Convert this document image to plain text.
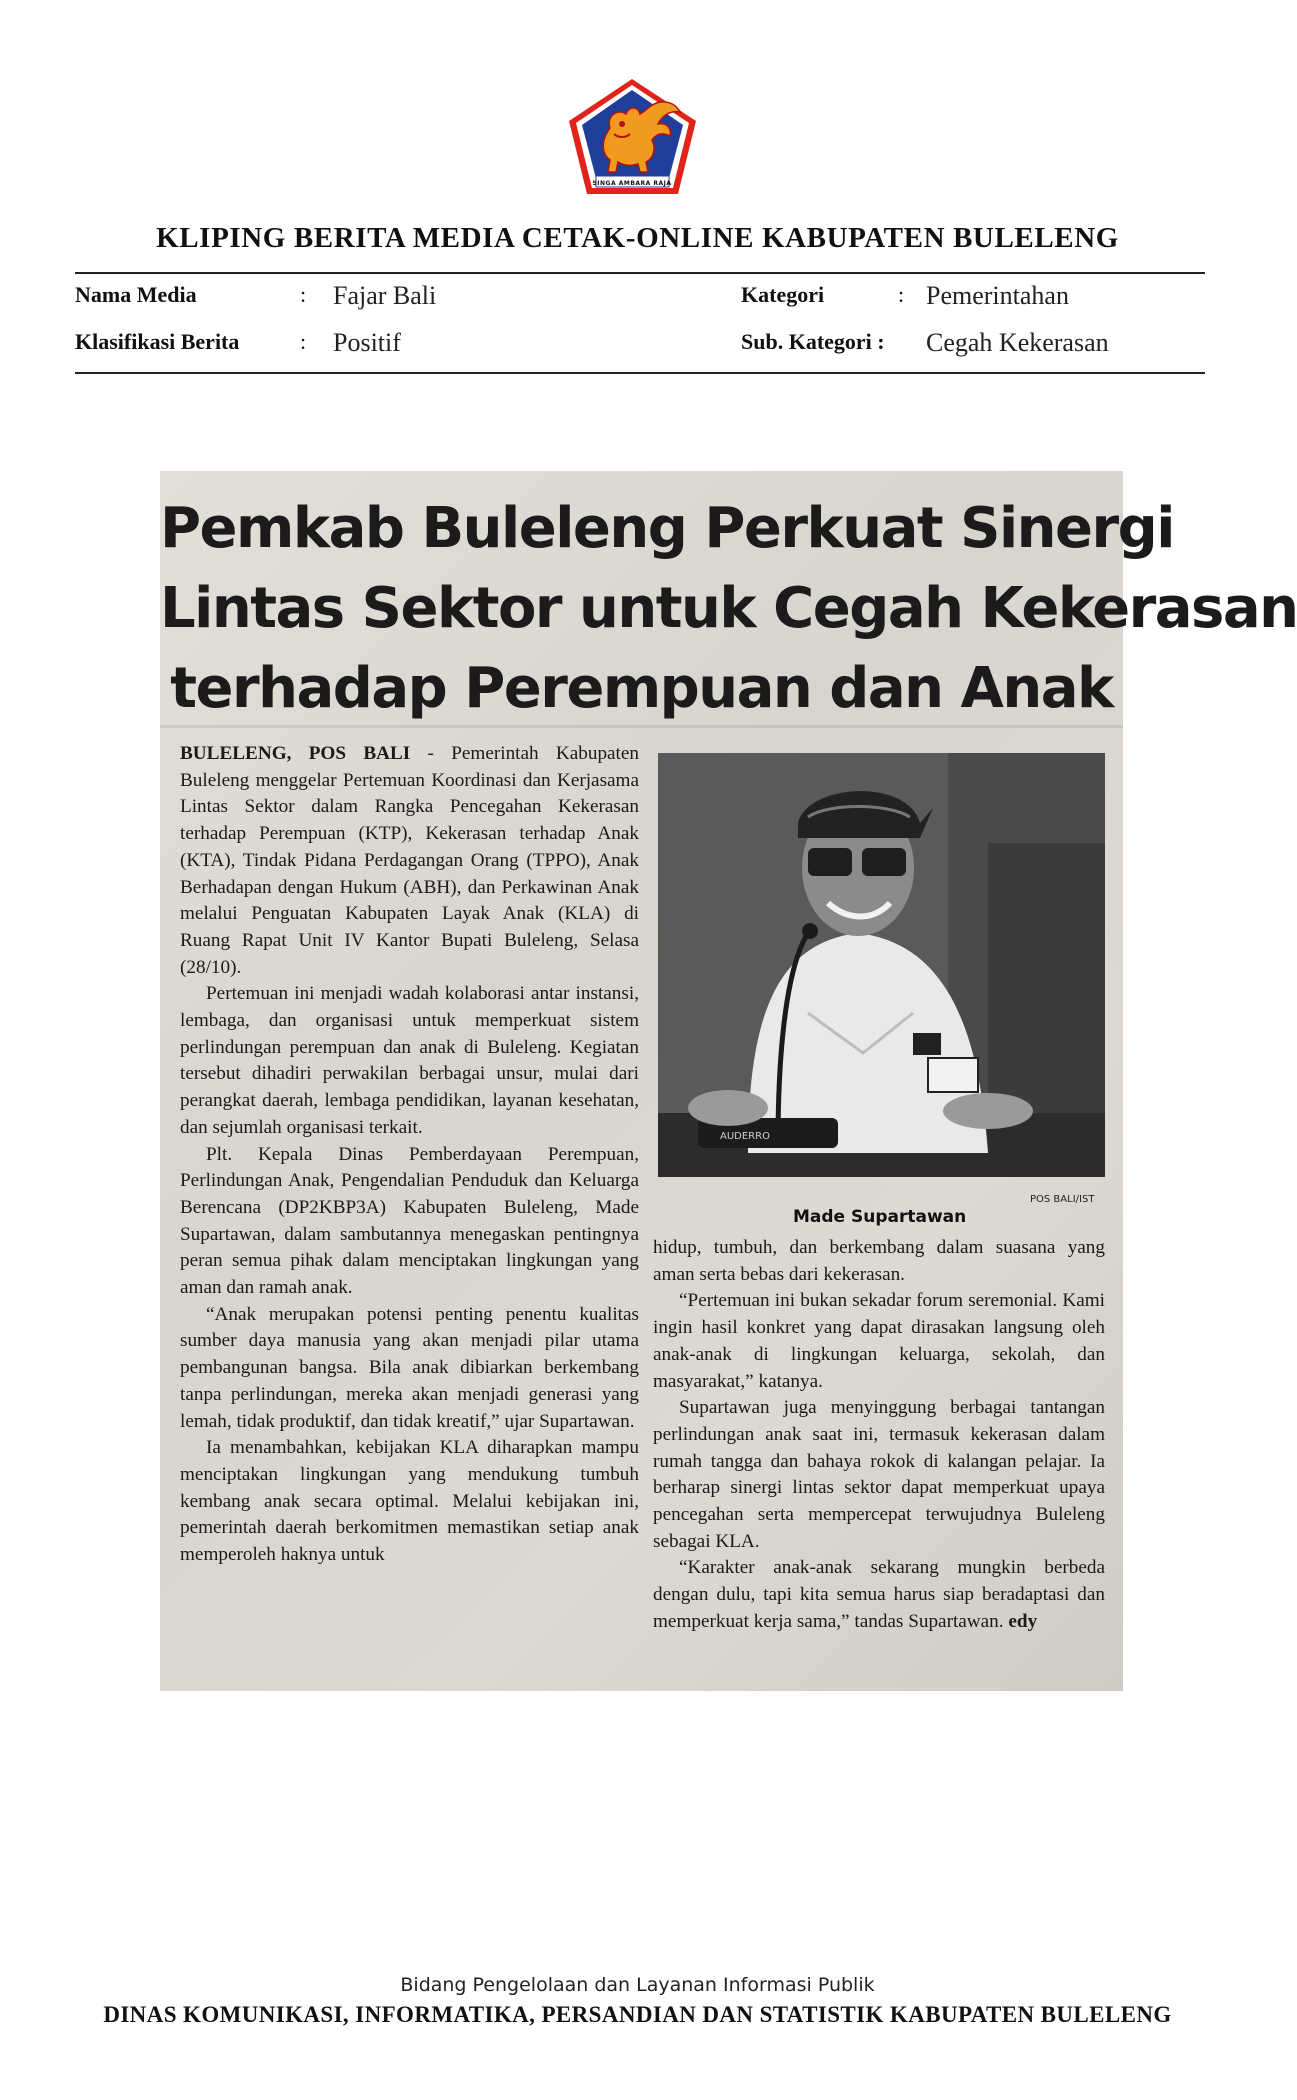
SINGA AMBARA RAJA
KLIPING BERITA MEDIA CETAK-ONLINE KABUPATEN BULELENG
Nama Media	: Fajar Bali	Kategori	: Pemerintahan
Klasifikasi Berita	: Positif	Sub. Kategori : Cegah Kekerasan
Pemkab Buleleng Perkuat Sinergi
Lintas Sektor untuk Cegah Kekerasan
terhadap Perempuan dan Anak

BULELENG, POS BALI - Pemerintah Kabupaten Buleleng menggelar Pertemuan Koordinasi dan Kerjasama Lintas Sektor dalam Rangka Pencegahan Kekerasan terhadap Perempuan (KTP), Kekerasan terhadap Anak (KTA), Tindak Pidana Perdagangan Orang (TPPO), Anak Berhadapan dengan Hukum (ABH), dan Perkawinan Anak melalui Penguatan Kabupaten Layak Anak (KLA) di Ruang Rapat Unit IV Kantor Bupati Buleleng, Selasa (28/10).

Pertemuan ini menjadi wadah kolaborasi antar instansi, lembaga, dan organisasi untuk memperkuat sistem perlindungan perempuan dan anak di Buleleng. Kegiatan tersebut dihadiri perwakilan berbagai unsur, mulai dari perangkat daerah, lembaga pendidikan, layanan kesehatan, dan sejumlah organisasi terkait.

Plt. Kepala Dinas Pemberdayaan Perempuan, Perlindungan Anak, Pengendalian Penduduk dan Keluarga Berencana (DP2KBP3A) Kabupaten Buleleng, Made Supartawan, dalam sambutannya menegaskan pentingnya peran semua pihak dalam menciptakan lingkungan yang aman dan ramah anak.

“Anak merupakan potensi penting penentu kualitas sumber daya manusia yang akan menjadi pilar utama pembangunan bangsa. Bila anak dibiarkan berkembang tanpa perlindungan, mereka akan menjadi generasi yang lemah, tidak produktif, dan tidak kreatif,” ujar Supartawan.

Ia menambahkan, kebijakan KLA diharapkan mampu menciptakan lingkungan yang mendukung tumbuh kembang anak secara optimal. Melalui kebijakan ini, pemerintah daerah berkomitmen memastikan setiap anak memperoleh haknya untuk

AUDERRO
POS BALI/IST
Made Supartawan

hidup, tumbuh, dan berkembang dalam suasana yang aman serta bebas dari kekerasan.

“Pertemuan ini bukan sekadar forum seremonial. Kami ingin hasil konkret yang dapat dirasakan langsung oleh anak-anak di lingkungan keluarga, sekolah, dan masyarakat,” katanya.

Supartawan juga menyinggung berbagai tantangan perlindungan anak saat ini, termasuk kekerasan dalam rumah tangga dan bahaya rokok di kalangan pelajar. Ia berharap sinergi lintas sektor dapat memperkuat upaya pencegahan serta mempercepat terwujudnya Buleleng sebagai KLA.

“Karakter anak-anak sekarang mungkin berbeda dengan dulu, tapi kita semua harus siap beradaptasi dan memperkuat kerja sama,” tandas Supartawan. edy

Bidang Pengelolaan dan Layanan Informasi Publik
DINAS KOMUNIKASI, INFORMATIKA, PERSANDIAN DAN STATISTIK KABUPATEN BULELENG
